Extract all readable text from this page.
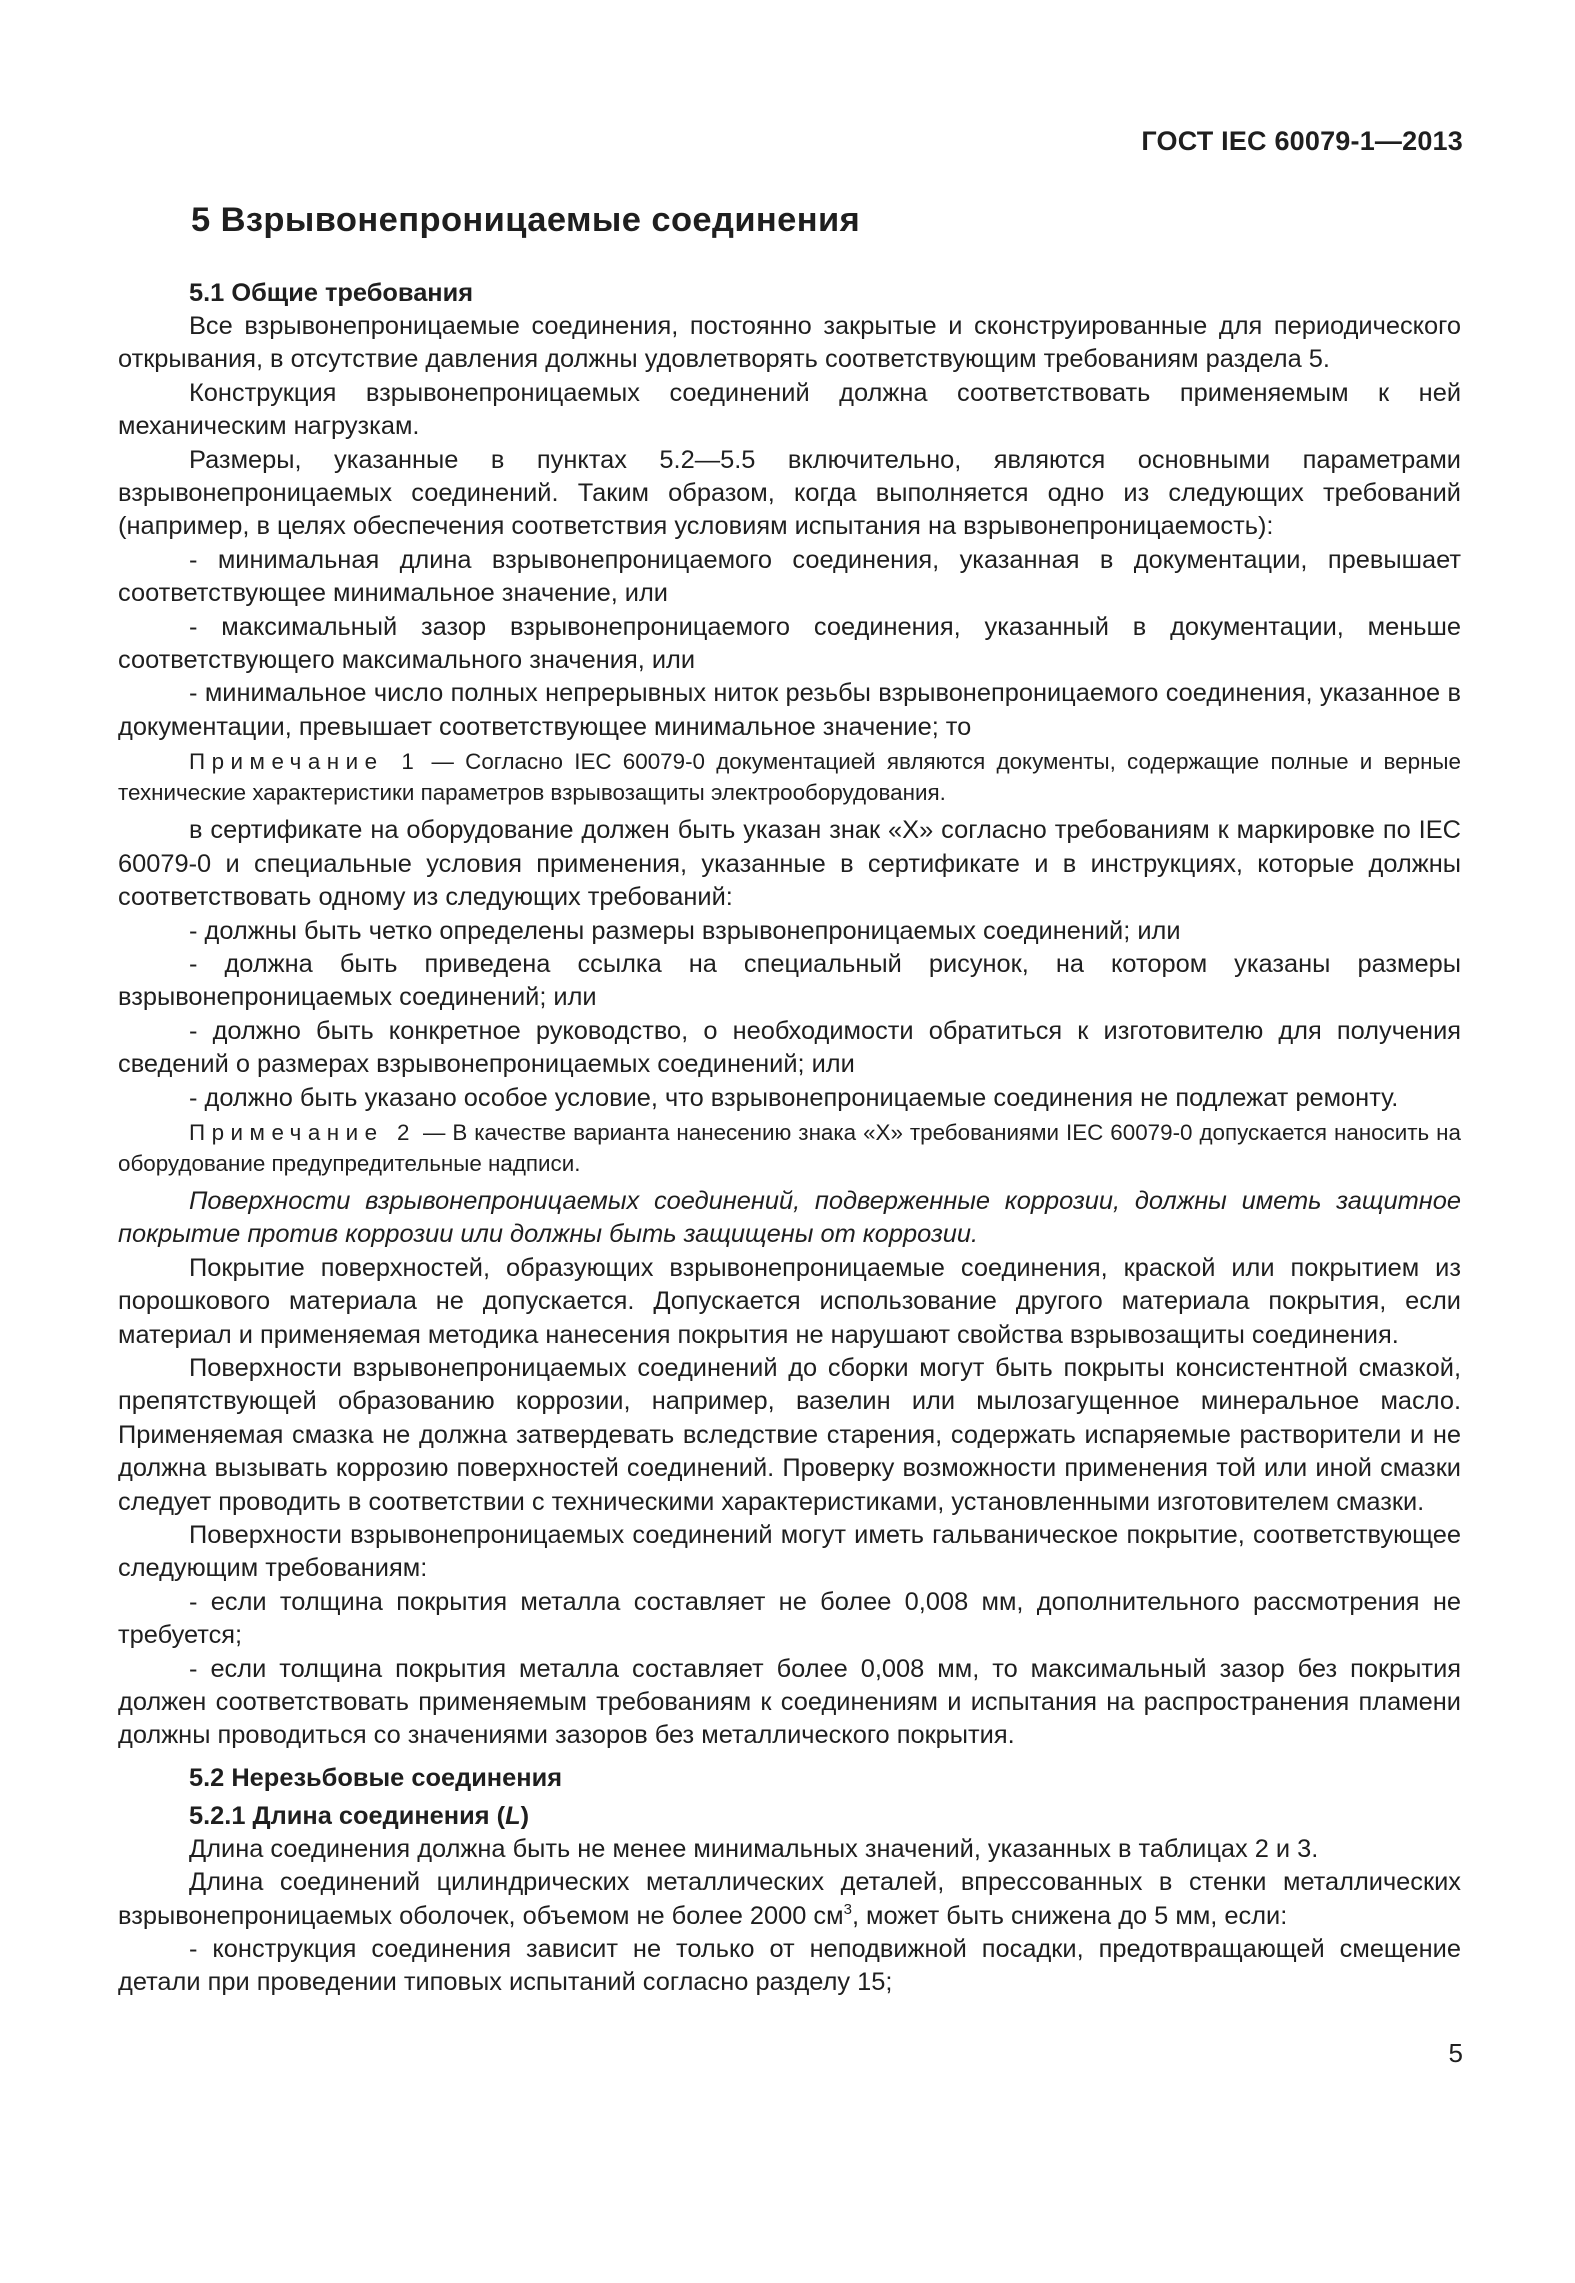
ГОСТ IEC 60079-1—2013

5 Взрывонепроницаемые соединения

5.1 Общие требования

Все взрывонепроницаемые соединения, постоянно закрытые и сконструированные для периодического открывания, в отсутствие давления должны удовлетворять соответствующим требованиям раздела 5.

Конструкция взрывонепроницаемых соединений должна соответствовать применяемым к ней механическим нагрузкам.

Размеры, указанные в пунктах 5.2—5.5 включительно, являются основными параметрами взрывонепроницаемых соединений. Таким образом, когда выполняется одно из следующих требований (например, в целях обеспечения соответствия условиям испытания на взрывонепроницаемость):

- минимальная длина взрывонепроницаемого соединения, указанная в документации, превышает соответствующее минимальное значение, или

- максимальный зазор взрывонепроницаемого соединения, указанный в документации, меньше соответствующего максимального значения, или

- минимальное число полных непрерывных ниток резьбы взрывонепроницаемого соединения, указанное в документации, превышает соответствующее минимальное значение; то

Примечание 1 — Согласно IEC 60079-0 документацией являются документы, содержащие полные и верные технические характеристики параметров взрывозащиты электрооборудования.

в сертификате на оборудование должен быть указан знак «X» согласно требованиям к маркировке по IEC 60079-0 и специальные условия применения, указанные в сертификате и в инструкциях, которые должны соответствовать одному из следующих требований:

- должны быть четко определены размеры взрывонепроницаемых соединений; или

- должна быть приведена ссылка на специальный рисунок, на котором указаны размеры взрывонепроницаемых соединений; или

- должно быть конкретное руководство, о необходимости обратиться к изготовителю для получения сведений о размерах взрывонепроницаемых соединений; или

- должно быть указано особое условие, что взрывонепроницаемые соединения не подлежат ремонту.

Примечание 2 — В качестве варианта нанесению знака «X» требованиями IEC 60079-0 допускается наносить на оборудование предупредительные надписи.

Поверхности взрывонепроницаемых соединений, подверженные коррозии, должны иметь защитное покрытие против коррозии или должны быть защищены от коррозии.

Покрытие поверхностей, образующих взрывонепроницаемые соединения, краской или покрытием из порошкового материала не допускается. Допускается использование другого материала покрытия, если материал и применяемая методика нанесения покрытия не нарушают свойства взрывозащиты соединения.

Поверхности взрывонепроницаемых соединений до сборки могут быть покрыты консистентной смазкой, препятствующей образованию коррозии, например, вазелин или мылозагущенное минеральное масло. Применяемая смазка не должна затвердевать вследствие старения, содержать испаряемые растворители и не должна вызывать коррозию поверхностей соединений. Проверку возможности применения той или иной смазки следует проводить в соответствии с техническими характеристиками, установленными изготовителем смазки.

Поверхности взрывонепроницаемых соединений могут иметь гальваническое покрытие, соответствующее следующим требованиям:

- если толщина покрытия металла составляет не более 0,008 мм, дополнительного рассмотрения не требуется;

- если толщина покрытия металла составляет более 0,008 мм, то максимальный зазор без покрытия должен соответствовать применяемым требованиям к соединениям и испытания на распространения пламени должны проводиться со значениями зазоров без металлического покрытия.

5.2 Нерезьбовые соединения

5.2.1 Длина соединения (L)

Длина соединения должна быть не менее минимальных значений, указанных в таблицах 2 и 3.

Длина соединений цилиндрических металлических деталей, впрессованных в стенки металлических взрывонепроницаемых оболочек, объемом не более 2000 $см^3$, может быть снижена до 5 мм, если:

- конструкция соединения зависит не только от неподвижной посадки, предотвращающей смещение детали при проведении типовых испытаний согласно разделу 15;

5
